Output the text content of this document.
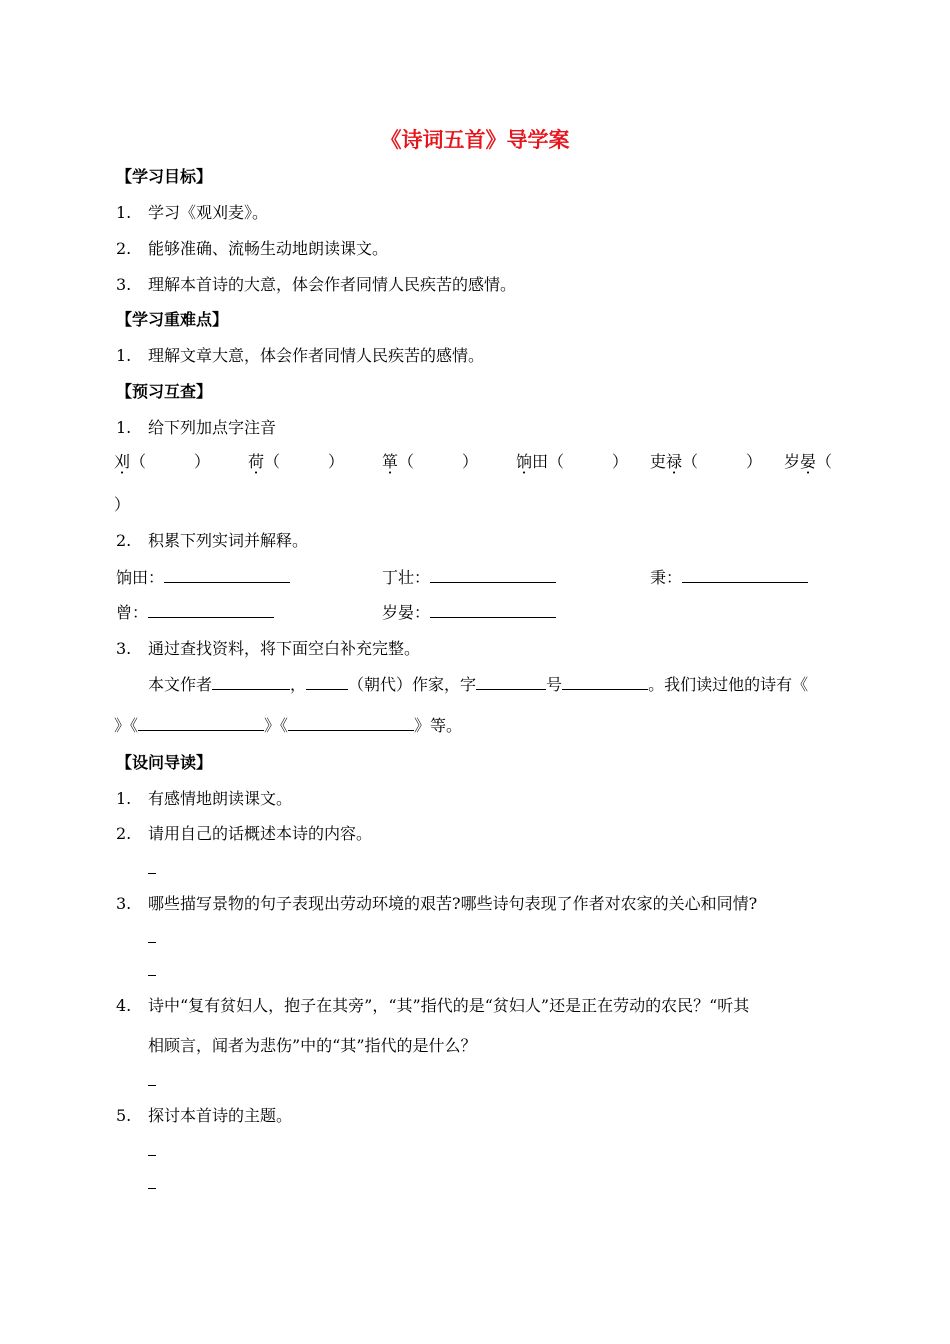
《诗词五首》导学案
【学习目标】
1. 学习《观刈麦》。
2. 能够准确、流畅生动地朗读课文。
3. 理解本首诗的大意，体会作者同情人民疾苦的感情。
【学习重难点】
1. 理解文章大意，体会作者同情人民疾苦的感情。
【预习互查】
1. 给下列加点字注音
刈（　　　） 荷（　　　） 箪（　　　） 饷田（　　　） 吏禄（　　　） 岁晏（
）
2. 积累下列实词并解释。
饷田：	丁壮：	秉：
曾：	岁晏：
3. 通过查找资料，将下面空白补充完整。
本文作者	，	（朝代）作家，字	号	。我们读过他的诗有《
》《	》《	》等。
【设问导读】
1. 有感情地朗读课文。
2. 请用自己的话概述本诗的内容。
3. 哪些描写景物的句子表现出劳动环境的艰苦?哪些诗句表现了作者对农家的关心和同情?
4. 诗中“复有贫妇人，抱子在其旁”，“其”指代的是“贫妇人”还是正在劳动的农民？“听其
相顾言，闻者为悲伤”中的“其”指代的是什么？
5. 探讨本首诗的主题。
